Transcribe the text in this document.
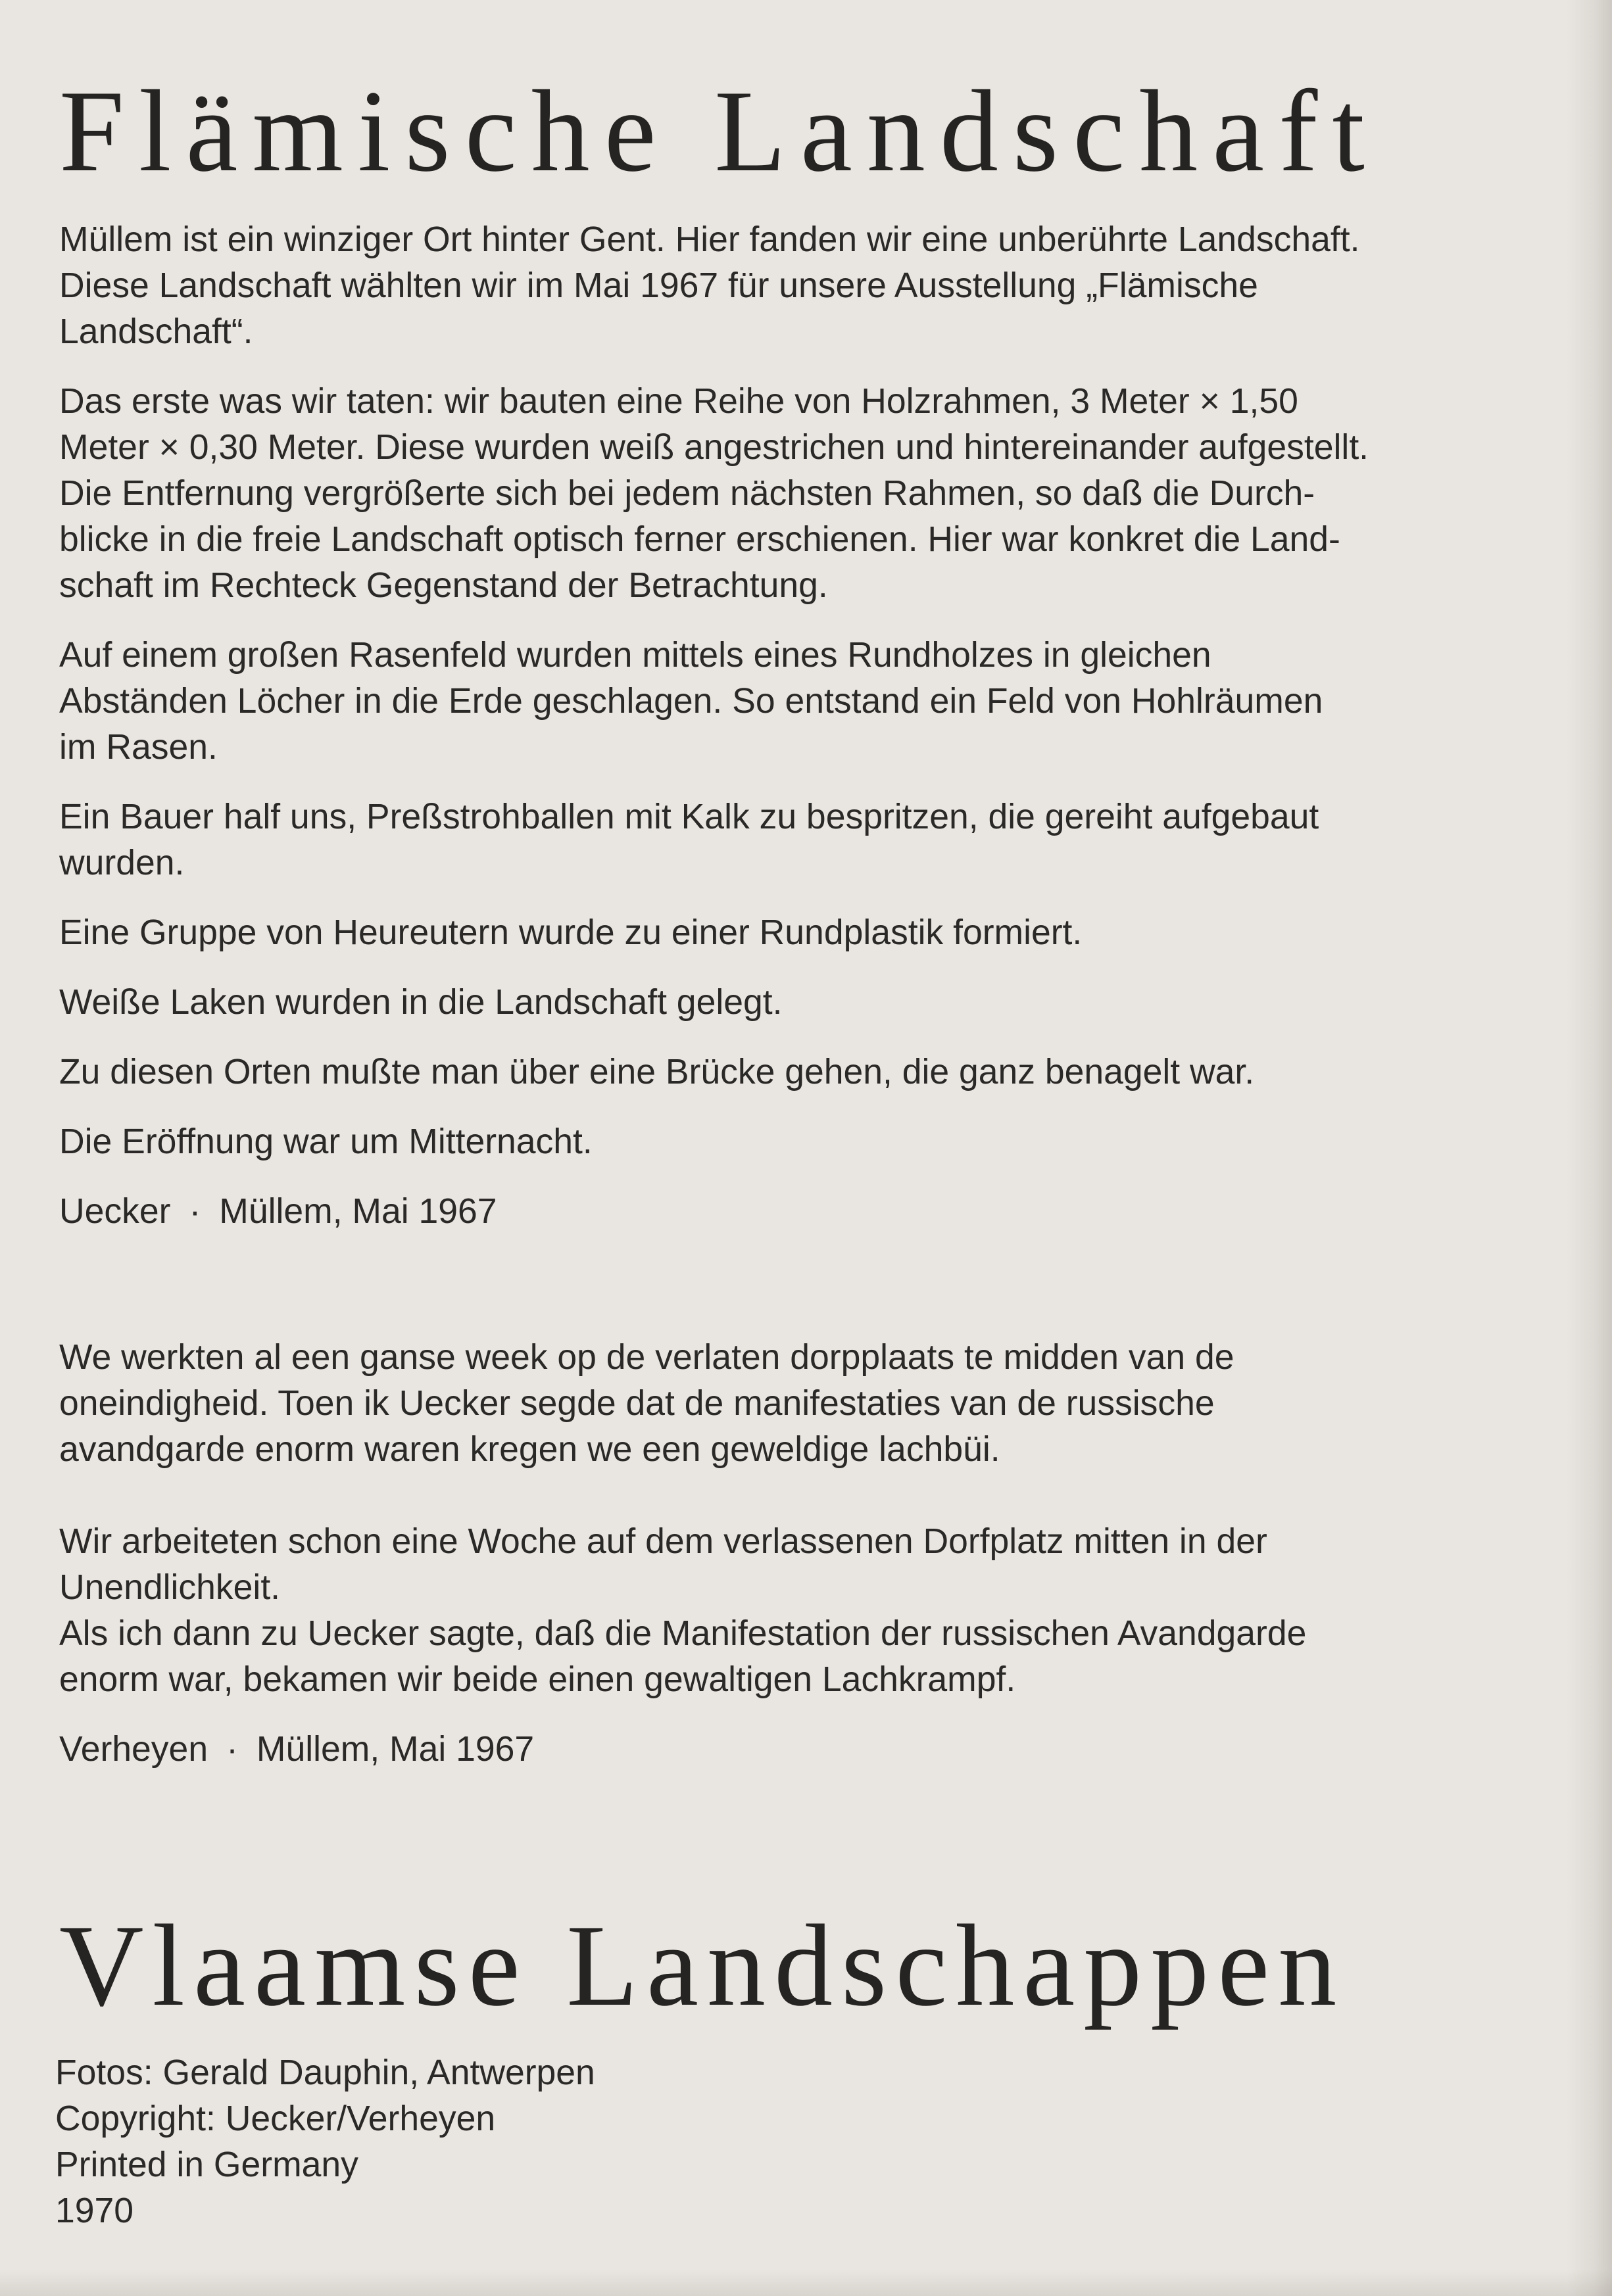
Flämische Landschaft

Müllem ist ein winziger Ort hinter Gent. Hier fanden wir eine unberührte Landschaft.
Diese Landschaft wählten wir im Mai 1967 für unsere Ausstellung „Flämische
Landschaft“.

Das erste was wir taten: wir bauten eine Reihe von Holzrahmen, 3 Meter × 1,50
Meter × 0,30 Meter. Diese wurden weiß angestrichen und hintereinander aufgestellt.
Die Entfernung vergrößerte sich bei jedem nächsten Rahmen, so daß die Durch-
blicke in die freie Landschaft optisch ferner erschienen. Hier war konkret die Land-
schaft im Rechteck Gegenstand der Betrachtung.

Auf einem großen Rasenfeld wurden mittels eines Rundholzes in gleichen
Abständen Löcher in die Erde geschlagen. So entstand ein Feld von Hohlräumen
im Rasen.

Ein Bauer half uns, Preßstrohballen mit Kalk zu bespritzen, die gereiht aufgebaut
wurden.

Eine Gruppe von Heureutern wurde zu einer Rundplastik formiert.

Weiße Laken wurden in die Landschaft gelegt.

Zu diesen Orten mußte man über eine Brücke gehen, die ganz benagelt war.

Die Eröffnung war um Mitternacht.

Uecker · Müllem, Mai 1967

We werkten al een ganse week op de verlaten dorpplaats te midden van de
oneindigheid. Toen ik Uecker segde dat de manifestaties van de russische
avandgarde enorm waren kregen we een geweldige lachbüi.

Wir arbeiteten schon eine Woche auf dem verlassenen Dorfplatz mitten in der
Unendlichkeit.
Als ich dann zu Uecker sagte, daß die Manifestation der russischen Avandgarde
enorm war, bekamen wir beide einen gewaltigen Lachkrampf.

Verheyen · Müllem, Mai 1967

Vlaamse Landschappen
Fotos: Gerald Dauphin, Antwerpen
Copyright: Uecker/Verheyen
Printed in Germany
1970
